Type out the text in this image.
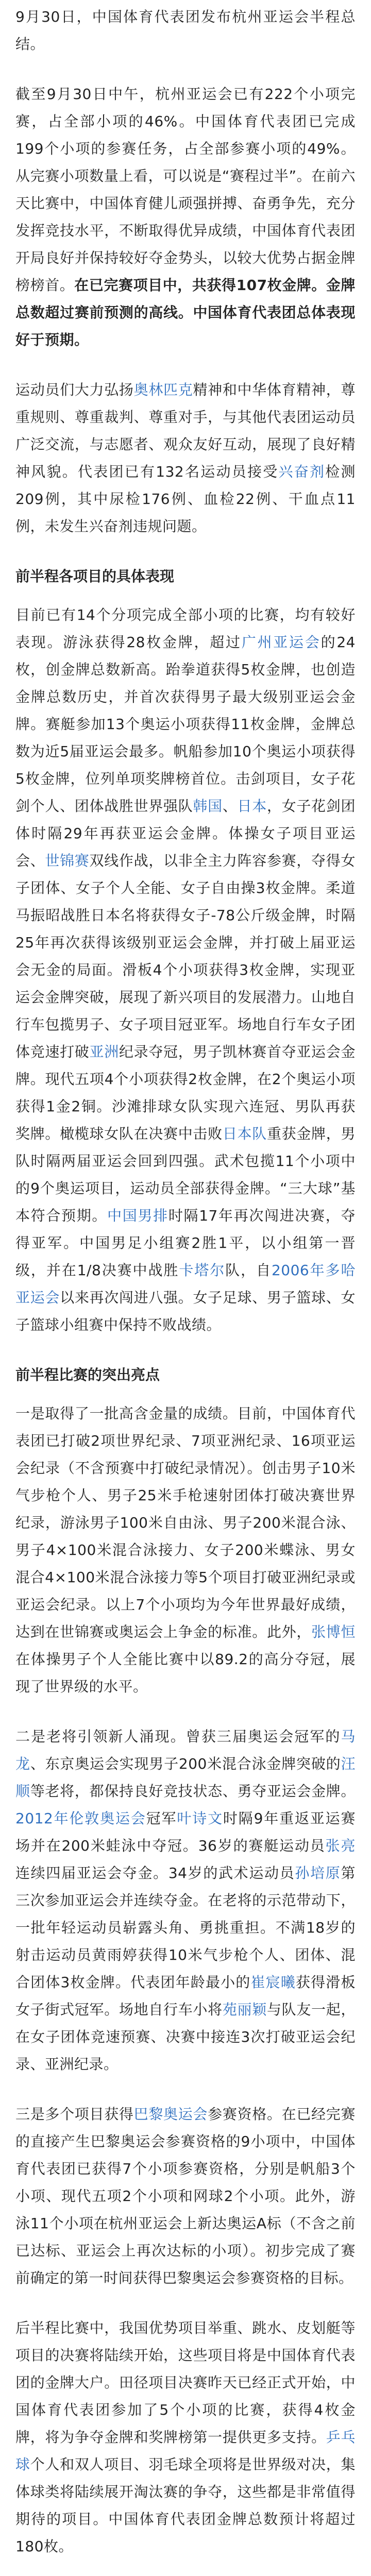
9月30日，中国体育代表团发布杭州亚运会半程总结。

截至9月30日中午，杭州亚运会已有222个小项完赛，占全部小项的46%。中国体育代表团已完成199个小项的参赛任务，占全部参赛小项的49%。从完赛小项数量上看，可以说是“赛程过半”。在前六天比赛中，中国体育健儿顽强拼搏、奋勇争先，充分发挥竞技水平，不断取得优异成绩，中国体育代表团开局良好并保持较好夺金势头，以较大优势占据金牌榜榜首。在已完赛项目中，共获得107枚金牌。金牌总数超过赛前预测的高线。中国体育代表团总体表现好于预期。

运动员们大力弘扬奥林匹克精神和中华体育精神，尊重规则、尊重裁判、尊重对手，与其他代表团运动员广泛交流，与志愿者、观众友好互动，展现了良好精神风貌。代表团已有132名运动员接受兴奋剂检测209例，其中尿检176例、血检22例、干血点11例，未发生兴奋剂违规问题。

前半程各项目的具体表现

目前已有14个分项完成全部小项的比赛，均有较好表现。游泳获得28枚金牌，超过广州亚运会的24枚，创金牌总数新高。跆拳道获得5枚金牌，也创造金牌总数历史，并首次获得男子最大级别亚运会金牌。赛艇参加13个奥运小项获得11枚金牌，金牌总数为近5届亚运会最多。帆船参加10个奥运小项获得5枚金牌，位列单项奖牌榜首位。击剑项目，女子花剑个人、团体战胜世界强队韩国、日本，女子花剑团体时隔29年再获亚运会金牌。体操女子项目亚运会、世锦赛双线作战，以非全主力阵容参赛，夺得女子团体、女子个人全能、女子自由操3枚金牌。柔道马振昭战胜日本名将获得女子-78公斤级金牌，时隔25年再次获得该级别亚运会金牌，并打破上届亚运会无金的局面。滑板4个小项获得3枚金牌，实现亚运会金牌突破，展现了新兴项目的发展潜力。山地自行车包揽男子、女子项目冠亚军。场地自行车女子团体竞速打破亚洲纪录夺冠，男子凯林赛首夺亚运会金牌。现代五项4个小项获得2枚金牌，在2个奥运小项获得1金2铜。沙滩排球女队实现六连冠、男队再获奖牌。橄榄球女队在决赛中击败日本队重获金牌，男队时隔两届亚运会回到四强。武术包揽11个小项中的9个奥运项目，运动员全部获得金牌。“三大球”基本符合预期。中国男排时隔17年再次闯进决赛，夺得亚军。中国男足小组赛2胜1平，以小组第一晋级，并在1/8决赛中战胜卡塔尔队，自2006年多哈亚运会以来再次闯进八强。女子足球、男子篮球、女子篮球小组赛中保持不败战绩。

前半程比赛的突出亮点

一是取得了一批高含金量的成绩。目前，中国体育代表团已打破2项世界纪录、7项亚洲纪录、16项亚运会纪录（不含预赛中打破纪录情况）。创击男子10米气步枪个人、男子25米手枪速射团体打破决赛世界纪录，游泳男子100米自由泳、男子200米混合泳、男子4×100米混合泳接力、女子200米蝶泳、男女混合4×100米混合泳接力等5个项目打破亚洲纪录或亚运会纪录。以上7个小项均为今年世界最好成绩，达到在世锦赛或奥运会上争金的标准。此外，张博恒在体操男子个人全能比赛中以89.2的高分夺冠，展现了世界级的水平。

二是老将引领新人涌现。曾获三届奥运会冠军的马龙、东京奥运会实现男子200米混合泳金牌突破的汪顺等老将，都保持良好竞技状态、勇夺亚运会金牌。2012年伦敦奥运会冠军叶诗文时隔9年重返亚运赛场并在200米蛙泳中夺冠。36岁的赛艇运动员张亮连续四届亚运会夺金。34岁的武术运动员孙培原第三次参加亚运会并连续夺金。在老将的示范带动下，一批年轻运动员崭露头角、勇挑重担。不满18岁的射击运动员黄雨婷获得10米气步枪个人、团体、混合团体3枚金牌。代表团年龄最小的崔宸曦获得滑板女子街式冠军。场地自行车小将苑丽颖与队友一起，在女子团体竞速预赛、决赛中接连3次打破亚运会纪录、亚洲纪录。

三是多个项目获得巴黎奥运会参赛资格。在已经完赛的直接产生巴黎奥运会参赛资格的9小项中，中国体育代表团已获得7个小项参赛资格，分别是帆船3个小项、现代五项2个小项和网球2个小项。此外，游泳11个小项在杭州亚运会上新达奥运A标（不含之前已达标、亚运会上再次达标的小项）。初步完成了赛前确定的第一时间获得巴黎奥运会参赛资格的目标。

后半程比赛中，我国优势项目举重、跳水、皮划艇等项目的决赛将陆续开始，这些项目将是中国体育代表团的金牌大户。田径项目决赛昨天已经正式开始，中国体育代表团参加了5个小项的比赛，获得4枚金牌，将为争夺金牌和奖牌榜第一提供更多支持。乒乓球个人和双人项目、羽毛球全项将是世界级对决，集体球类将陆续展开淘汰赛的争夺，这些都是非常值得期待的项目。中国体育代表团金牌总数预计将超过180枚。
